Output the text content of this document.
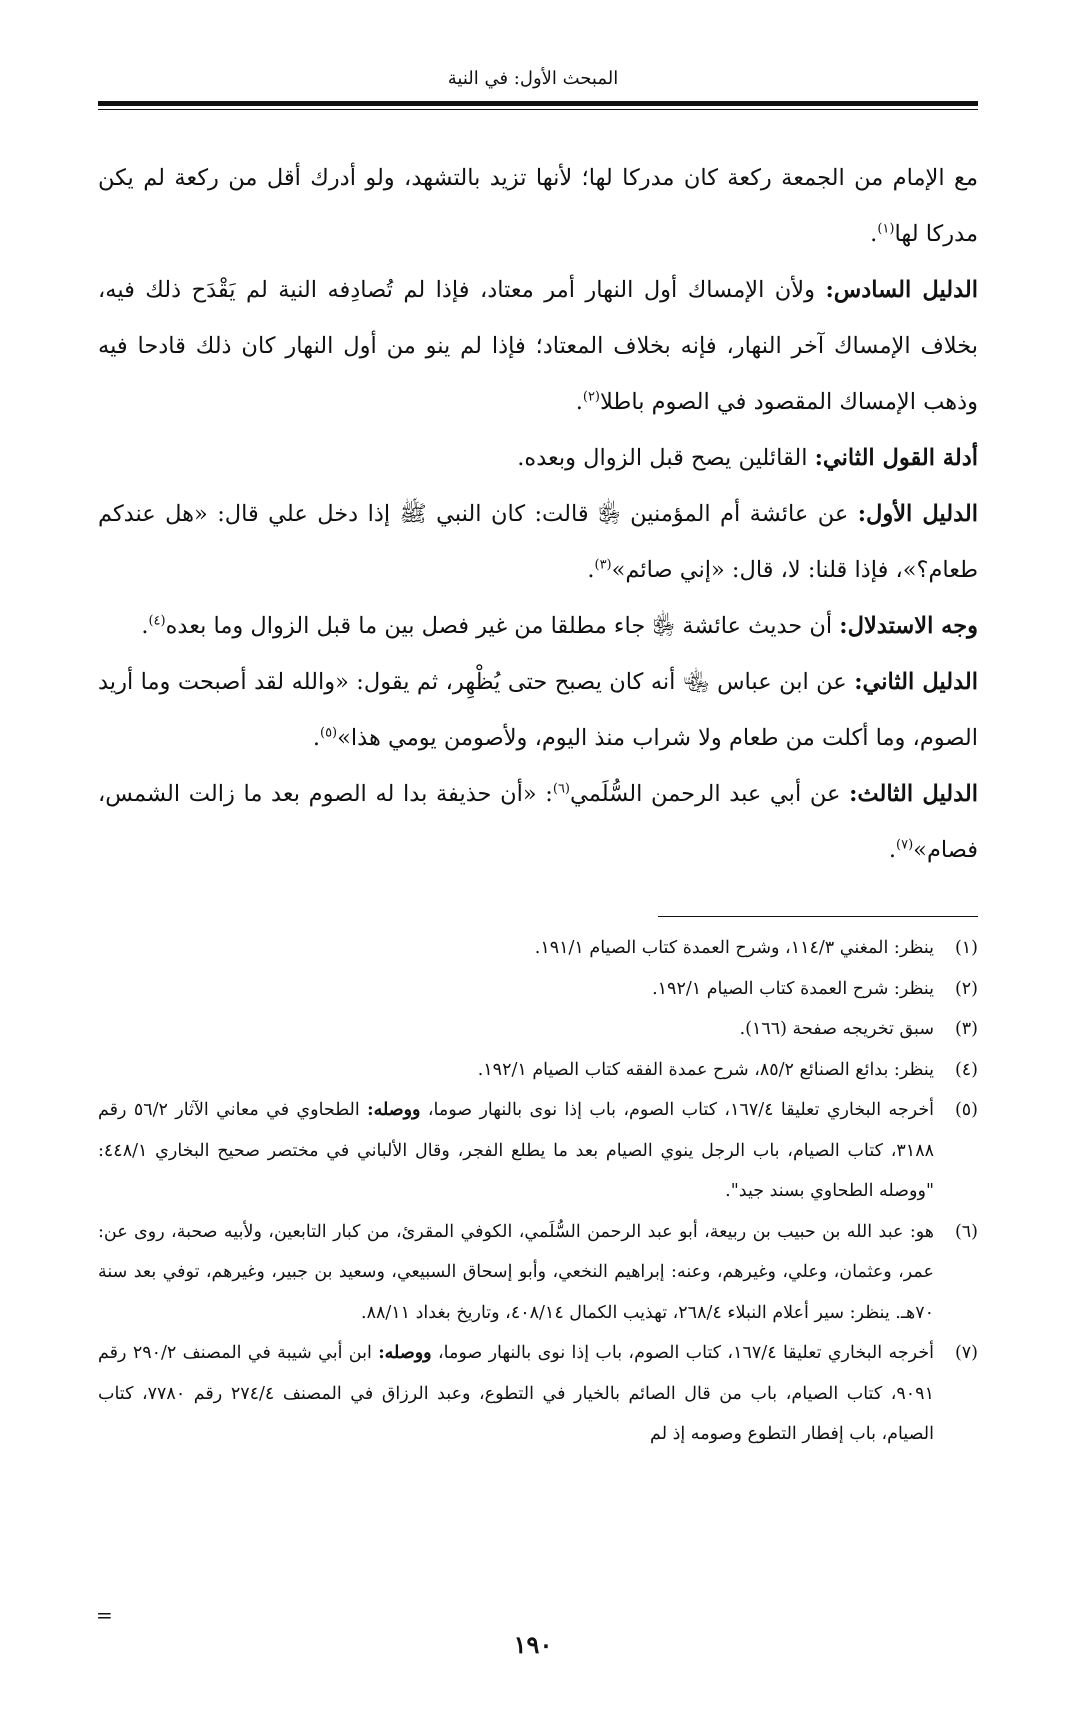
المبحث الأول: في النية

مع الإمام من الجمعة ركعة كان مدركا لها؛ لأنها تزيد بالتشهد، ولو أدرك أقل من ركعة لم يكن مدركا لها$^{(١)}$.

الدليل السادس: ولأن الإمساك أول النهار أمر معتاد، فإذا لم تُصادِفه النية لم يَقْدَح ذلك فيه، بخلاف الإمساك آخر النهار، فإنه بخلاف المعتاد؛ فإذا لم ينو من أول النهار كان ذلك قادحا فيه وذهب الإمساك المقصود في الصوم باطلا$^{(٢)}$.

أدلة القول الثاني: القائلين يصح قبل الزوال وبعده.

الدليل الأول: عن عائشة أم المؤمنين ﵂ قالت: كان النبي ﷺ إذا دخل علي قال: «هل عندكم طعام؟»، فإذا قلنا: لا، قال: «إني صائم»$^{(٣)}$.

وجه الاستدلال: أن حديث عائشة ﵂ جاء مطلقا من غير فصل بين ما قبل الزوال وما بعده$^{(٤)}$.

الدليل الثاني: عن ابن عباس ﵄ أنه كان يصبح حتى يُظْهِر، ثم يقول: «والله لقد أصبحت وما أريد الصوم، وما أكلت من طعام ولا شراب منذ اليوم، ولأصومن يومي هذا»$^{(٥)}$.

الدليل الثالث: عن أبي عبد الرحمن السُّلَمي$^{(٦)}$: «أن حذيفة بدا له الصوم بعد ما زالت الشمس، فصام»$^{(٧)}$.

(١)
ينظر: المغني ١١٤/٣، وشرح العمدة كتاب الصيام ١٩١/١.
(٢)
ينظر: شرح العمدة كتاب الصيام ١٩٢/١.
(٣)
سبق تخريجه صفحة (١٦٦).
(٤)
ينظر: بدائع الصنائع ٨٥/٢، شرح عمدة الفقه كتاب الصيام ١٩٢/١.
(٥)
أخرجه البخاري تعليقا ١٦٧/٤، كتاب الصوم، باب إذا نوى بالنهار صوما، ووصله: الطحاوي في معاني الآثار ٥٦/٢ رقم ٣١٨٨، كتاب الصيام، باب الرجل ينوي الصيام بعد ما يطلع الفجر، وقال الألباني في مختصر صحيح البخاري ٤٤٨/١: "ووصله الطحاوي بسند جيد".
(٦)
هو: عبد الله بن حبيب بن ربيعة، أبو عبد الرحمن السُّلَمي، الكوفي المقرئ، من كبار التابعين، ولأبيه صحبة، روى عن: عمر، وعثمان، وعلي، وغيرهم، وعنه: إبراهيم النخعي، وأبو إسحاق السبيعي، وسعيد بن جبير، وغيرهم، توفي بعد سنة ٧٠هـ. ينظر: سير أعلام النبلاء ٢٦٨/٤، تهذيب الكمال ٤٠٨/١٤، وتاريخ بغداد ٨٨/١١.
(٧)
أخرجه البخاري تعليقا ١٦٧/٤، كتاب الصوم، باب إذا نوى بالنهار صوما، ووصله: ابن أبي شيبة في المصنف ٢٩٠/٢ رقم ٩٠٩١، كتاب الصيام، باب من قال الصائم بالخيار في التطوع، وعبد الرزاق في المصنف ٢٧٤/٤ رقم ٧٧٨٠، كتاب الصيام، باب إفطار التطوع وصومه إذ لم
=
١٩٠
